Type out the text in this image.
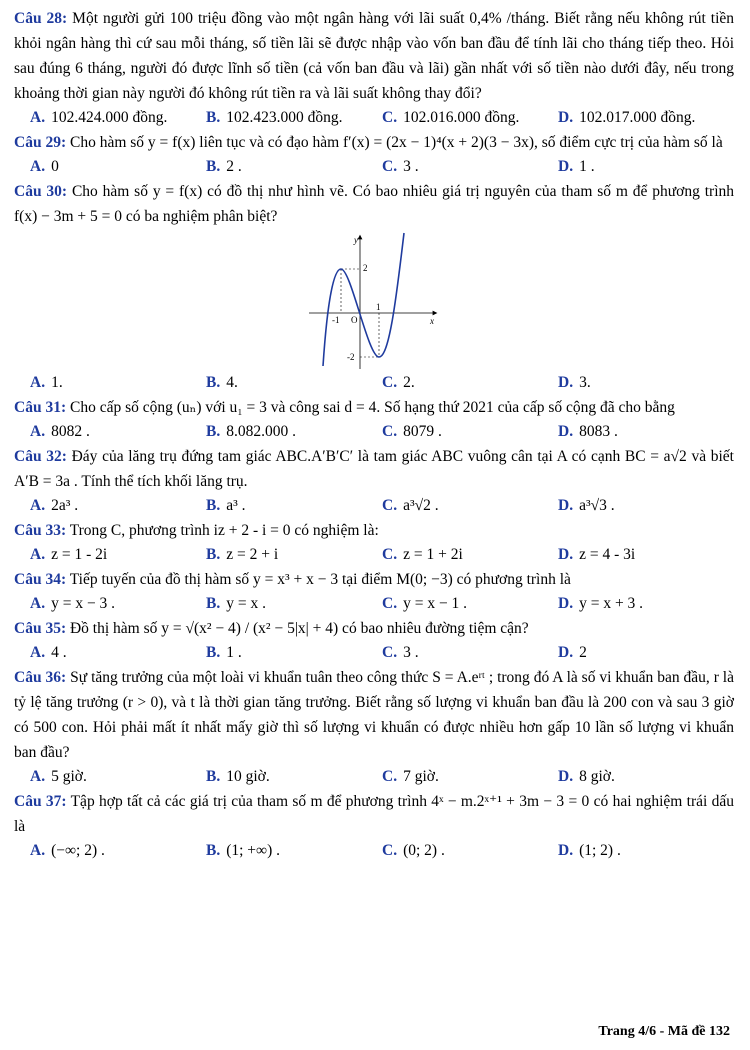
Câu 28: Một người gửi 100 triệu đồng vào một ngân hàng với lãi suất 0,4% /tháng. Biết rằng nếu không rút tiền khỏi ngân hàng thì cứ sau mỗi tháng, số tiền lãi sẽ được nhập vào vốn ban đầu để tính lãi cho tháng tiếp theo. Hỏi sau đúng 6 tháng, người đó được lĩnh số tiền (cả vốn ban đầu và lãi) gần nhất với số tiền nào dưới đây, nếu trong khoảng thời gian này người đó không rút tiền ra và lãi suất không thay đổi?
A. 102.424.000 đồng.	B. 102.423.000 đồng.	C. 102.016.000 đồng.	D. 102.017.000 đồng.
Câu 29: Cho hàm số y = f(x) liên tục và có đạo hàm f′(x) = (2x − 1)⁴(x + 2)(3 − 3x), số điểm cực trị của hàm số là
A. 0	B. 2 .	C. 3 .	D. 1 .
Câu 30: Cho hàm số y = f(x) có đồ thị như hình vẽ. Có bao nhiêu giá trị nguyên của tham số m để phương trình f(x) − 3m + 5 = 0 có ba nghiệm phân biệt?
y
x
O
2
-2
-1
1
A. 1.	B. 4.	C. 2.	D. 3.
Câu 31: Cho cấp số cộng (uₙ) với u₁ = 3 và công sai d = 4. Số hạng thứ 2021 của cấp số cộng đã cho bằng
A. 8082 .	B. 8.082.000 .	C. 8079 .	D. 8083 .
Câu 32: Đáy của lăng trụ đứng tam giác ABC.A′B′C′ là tam giác ABC vuông cân tại A có cạnh BC = a√2 và biết A′B = 3a . Tính thể tích khối lăng trụ.
A. 2a³ .	B. a³ .	C. a³√2 .	D. a³√3 .
Câu 33: Trong C, phương trình iz + 2 - i = 0 có nghiệm là:
A. z = 1 - 2i	B. z = 2 + i	C. z = 1 + 2i	D. z = 4 - 3i
Câu 34: Tiếp tuyến của đồ thị hàm số y = x³ + x − 3 tại điểm M(0; −3) có phương trình là
A. y = x − 3 .	B. y = x .	C. y = x − 1 .	D. y = x + 3 .
Câu 35: Đồ thị hàm số y = √(x² − 4) / (x² − 5|x| + 4) có bao nhiêu đường tiệm cận?
A. 4 .	B. 1 .	C. 3 .	D. 2
Câu 36: Sự tăng trưởng của một loài vi khuẩn tuân theo công thức S = A.eʳᵗ ; trong đó A là số vi khuẩn ban đầu, r là tỷ lệ tăng trưởng (r > 0), và t là thời gian tăng trưởng. Biết rằng số lượng vi khuẩn ban đầu là 200 con và sau 3 giờ có 500 con. Hỏi phải mất ít nhất mấy giờ thì số lượng vi khuẩn có được nhiều hơn gấp 10 lần số lượng vi khuẩn ban đầu?
A. 5 giờ.	B. 10 giờ.	C. 7 giờ.	D. 8 giờ.
Câu 37: Tập hợp tất cả các giá trị của tham số m để phương trình 4ˣ − m.2ˣ⁺¹ + 3m − 3 = 0 có hai nghiệm trái dấu là
A. (−∞; 2) .	B. (1; +∞) .	C. (0; 2) .	D. (1; 2) .
Trang 4/6 - Mã đề 132
